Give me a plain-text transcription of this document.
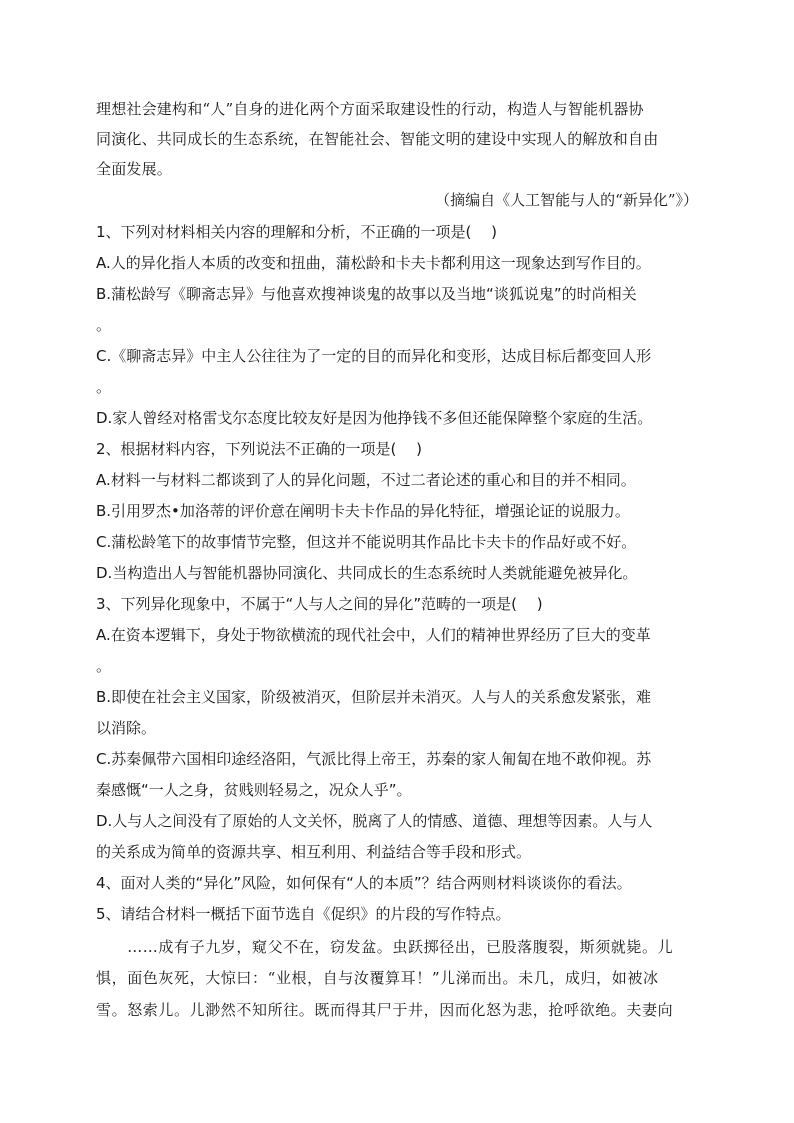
理想社会建构和“人”自身的进化两个方面采取建设性的行动，构造人与智能机器协
同演化、共同成长的生态系统，在智能社会、智能文明的建设中实现人的解放和自由
全面发展。
（摘编自《人工智能与人的“新异化”》）
1、下列对材料相关内容的理解和分析，不正确的一项是(　 )
A.人的异化指人本质的改变和扭曲，蒲松龄和卡夫卡都利用这一现象达到写作目的。
B.蒲松龄写《聊斋志异》与他喜欢搜神谈鬼的故事以及当地“谈狐说鬼”的时尚相关
。
C.《聊斋志异》中主人公往往为了一定的目的而异化和变形，达成目标后都变回人形
。
D.家人曾经对格雷戈尔态度比较友好是因为他挣钱不多但还能保障整个家庭的生活。
2、根据材料内容，下列说法不正确的一项是(　 )
A.材料一与材料二都谈到了人的异化问题，不过二者论述的重心和目的并不相同。
B.引用罗杰•加洛蒂的评价意在阐明卡夫卡作品的异化特征，增强论证的说服力。
C.蒲松龄笔下的故事情节完整，但这并不能说明其作品比卡夫卡的作品好或不好。
D.当构造出人与智能机器协同演化、共同成长的生态系统时人类就能避免被异化。
3、下列异化现象中，不属于“人与人之间的异化”范畴的一项是(　 )
A.在资本逻辑下，身处于物欲横流的现代社会中，人们的精神世界经历了巨大的变革
。
B.即使在社会主义国家，阶级被消灭，但阶层并未消灭。人与人的关系愈发紧张，难
以消除。
C.苏秦佩带六国相印途经洛阳，气派比得上帝王，苏秦的家人匍匐在地不敢仰视。苏
秦感慨“一人之身，贫贱则轻易之，况众人乎”。
D.人与人之间没有了原始的人文关怀，脱离了人的情感、道德、理想等因素。人与人
的关系成为简单的资源共享、相互利用、利益结合等手段和形式。
4、面对人类的“异化”风险，如何保有“人的本质”？结合两则材料谈谈你的看法。
5、请结合材料一概括下面节选自《促织》的片段的写作特点。
　　……成有子九岁，窥父不在，窃发盆。虫跃掷径出，已股落腹裂，斯须就毙。儿
惧，面色灰死，大惊曰：“业根，自与汝覆算耳！”儿涕而出。未几，成归，如被冰
雪。怒索儿。儿渺然不知所往。既而得其尸于井，因而化怒为悲，抢呼欲绝。夫妻向
